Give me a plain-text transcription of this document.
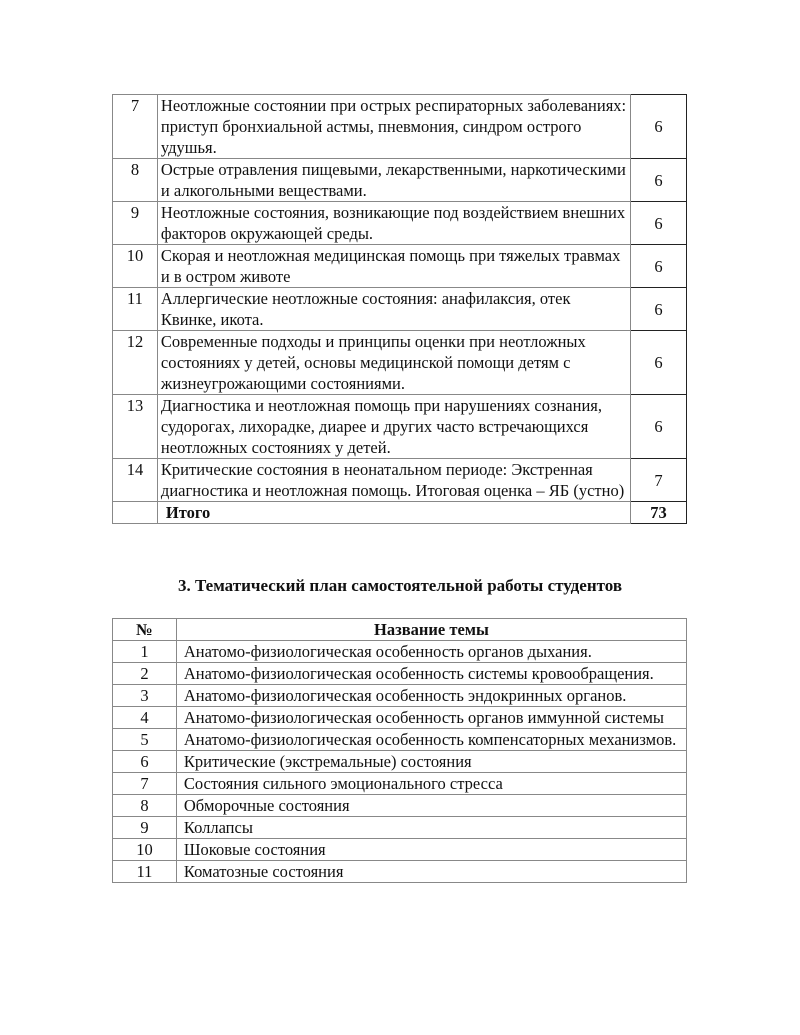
7	Неотложные состоянии при острых респираторных заболеваниях: приступ бронхиальной астмы, пневмония, синдром острого удушья.	6
8	Острые отравления пищевыми, лекарственными, наркотическими и алкогольными веществами.	6
9	Неотложные состояния, возникающие под воздействием внешних факторов окружающей среды.	6
10	Скорая и неотложная медицинская помощь при тяжелых травмах и в остром животе	6
11	Аллергические неотложные состояния: анафилаксия, отек Квинке, икота.	6
12	Современные подходы и принципы оценки при неотложных состояниях у детей, основы медицинской помощи детям с жизнеугрожающими состояниями.	6
13	Диагностика и неотложная помощь при нарушениях сознания, судорогах, лихорадке, диарее и других часто встречающихся неотложных состояниях у детей.	6
14	Критические состояния в неонатальном периоде: Экстренная диагностика и неотложная помощь. Итоговая оценка – ЯБ (устно)	7
	Итого	73
3. Тематический план самостоятельной работы студентов
№	Название темы
1	Анатомо-физиологическая особенность органов дыхания.
2	Анатомо-физиологическая особенность системы кровообращения.
3	Анатомо-физиологическая особенность эндокринных органов.
4	Анатомо-физиологическая особенность органов иммунной системы
5	Анатомо-физиологическая особенность компенсаторных механизмов.
6	Критические (экстремальные) состояния
7	Состояния сильного эмоционального стресса
8	Обморочные состояния
9	Коллапсы
10	Шоковые состояния
11	Коматозные состояния
